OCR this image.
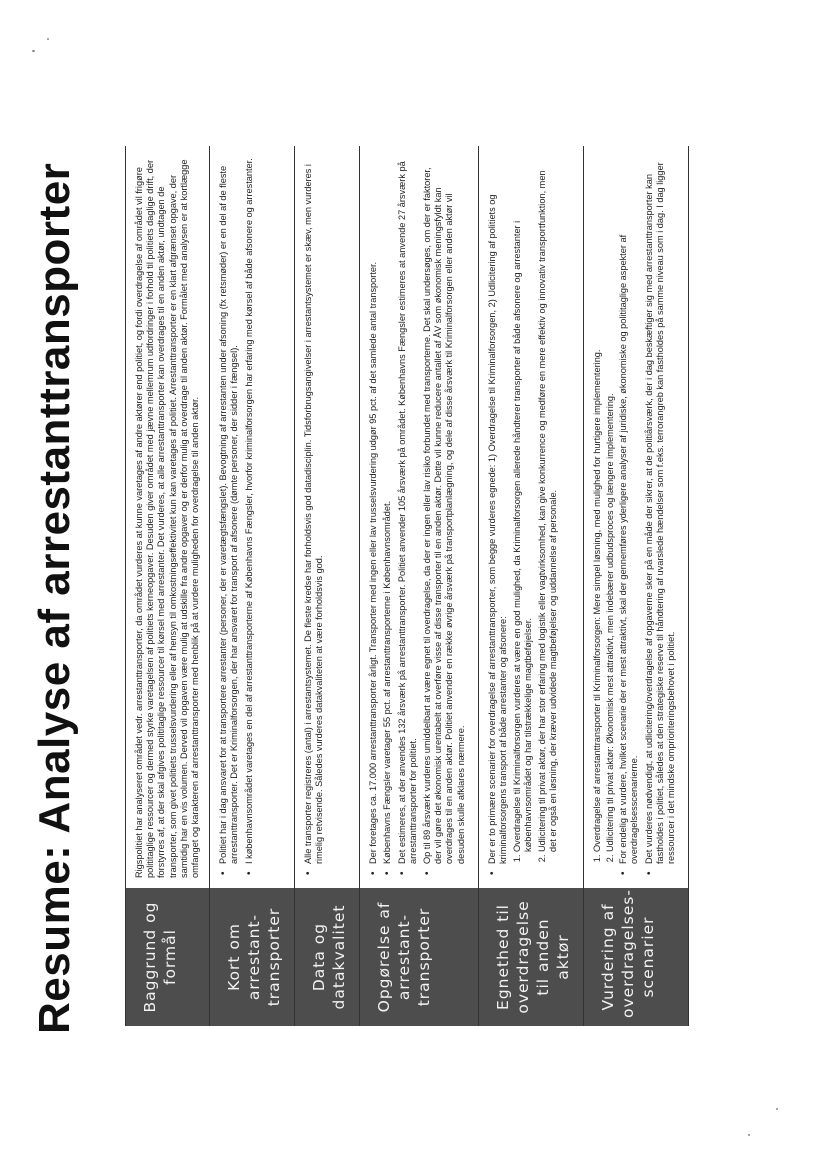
Resume: Analyse af arrestanttransporter	Baggrund og formål

Rigspolitiet har analyseret området vedr. arrestanttransporter, da området vurderes at kunne varetages af andre aktører end politiet, og fordi overdragelse af området vil frigøre polititaglige ressourcer og dermed styrke varetagelsen af politiets kerneopgaver. Desuden giver området med jævne mellemrum udfordringer i forhold til politiets daglige drift, der forstyrres af, at der skal afgives polititaglige ressourcer til kørsel med arrestanter. Det vurderes, at alle arrestanttransporter kan overdrages til en anden aktør, undtagen de transporter, som givet politiets trusselsvurdering eller af hensyn til omkostningseffektivitet kun kan varetages af politiet. Arrestanttransporter er en klart afgrænset opgave, der samtidig har en vis volumen. Derved vil opgaven være mulig at udskille fra andre opgaver og er derfor mulig at overdrage til anden aktør. Formålet med analysen er at kortlægge omfanget og karakteren af arrestanttransporter med henblik på at vurdere muligheden for overdragelse til anden aktør.

Kort om arrestant-transporter
• Politiet har i dag ansvaret for at transportere arrestanter (personer, der er varetægtsfængslet). Bevogtning af arrestanten under afsoning (fx retsmøder) er en del af de fleste arrestanttransporter. Det er Kriminalforsorgen, der har ansvaret for transport af afsonere (dømte personer, der sidder i fængsel). • I københavnsområdet varetages en del af arrestanttransporterne af Københavns Fængsler, hvorfor kriminalforsorgen har erfaring med kørsel af både afsonere og arrestanter.
Data og datakvalitet
• Alle transporter registreres (antal) i arrestantsystemet. De fleste kredse har forholdsvis god datadisciplin. Tidsforbrugsangivelser i arrestantsystemet er skæv, men vurderes i rimelig retvisende. Således vurderes datakvaliteten at være forholdsvis god.
Opgørelse af arrestant-transporter
• Der foretages ca. 17.000 arrestanttransporter årligt. Transporter med ingen eller lav trusselsvurdering udgør 95 pct. af det samlede antal transporter. • Københavns Fængsler varetager 55 pct. af arrestanttransporterne i Københavnsområdet. • Det estimeres, at der anvendes 132 årsværk på arrestanttransporter. Politiet anvender 105 årsværk på området. Københavns Fængsler estimeres at anvende 27 årsværk på arrestanttransporter for politiet. • Op til 89 årsværk vurderes umiddelbart at være egnet til overdragelse, da der er ingen eller lav risiko forbundet med transporterne. Det skal undersøges, om der er faktorer, der vil gøre det økonomisk urentabelt at overføre visse af disse transporter til en anden aktør. Dette vil kunne reducere antallet af ÅV som økonomisk meningsfyldt kan overdrages til en anden aktør. Politiet anvender en række øvrige årsværk på transportplanlægning, og dele af disse årsværk til Kriminalforsorgen eller anden aktør vil desuden skulle afklares nærmere.
Egnethed til overdragelse til anden aktør
• Der er to primære scenarier for overdragelse af arrestanttransporter, som begge vurderes egnede: 1) Overdragelse til Kriminalforsorgen, 2) Udlicitering af politiets og kriminalforsorgens transport af både arrestanter og afsonere: 1. Overdragelse til Kriminalforsorgen vurderes at være en god mulighed, da Kriminalforsorgen allerede håndterer transporter af både afsonere og arrestanter i københavnsområdet og har tilstrækkelige magtbeføjelser. 2. Udlicitering til privat aktør, der har stor erfaring med logistik eller vagtvirksomhed, kan give konkurrence og medføre en mere effektiv og innovativ transportfunktion, men det er også en løsning, der kræver udvidede magtbeføjelser og uddannelse af personale.
Vurdering af overdragelses-scenarier
1. Overdragelse af arrestanttransporter til Kriminalforsorgen: Mere simpel løsning, med mulighed for hurtigere implementering. 2. Udlicitering til privat aktør: Økonomisk mest attraktivt, men indebærer udbudsproces og længere implementering. • For endelig at vurdere, hvilket scenarie der er mest attraktivt, skal der gennemføres yderligere analyser af juridiske, økonomiske og polititaglige aspekter af overdragelsesscenarierne. • Det vurderes nødvendigt, at udlicitering/overdragelse af opgaverne sker på en måde der sikrer, at de politiårsværk, der i dag beskæftiger sig med arrestanttransporter kan fastholdes i politiet, således at den strategiske reserve til håndtering af uvarslede hændelser som f.eks. terrorangreb kan fastholdes på samme niveau som i dag. I dag ligger ressourcer i det mindske omprioriteringsbehovet i politiet.
